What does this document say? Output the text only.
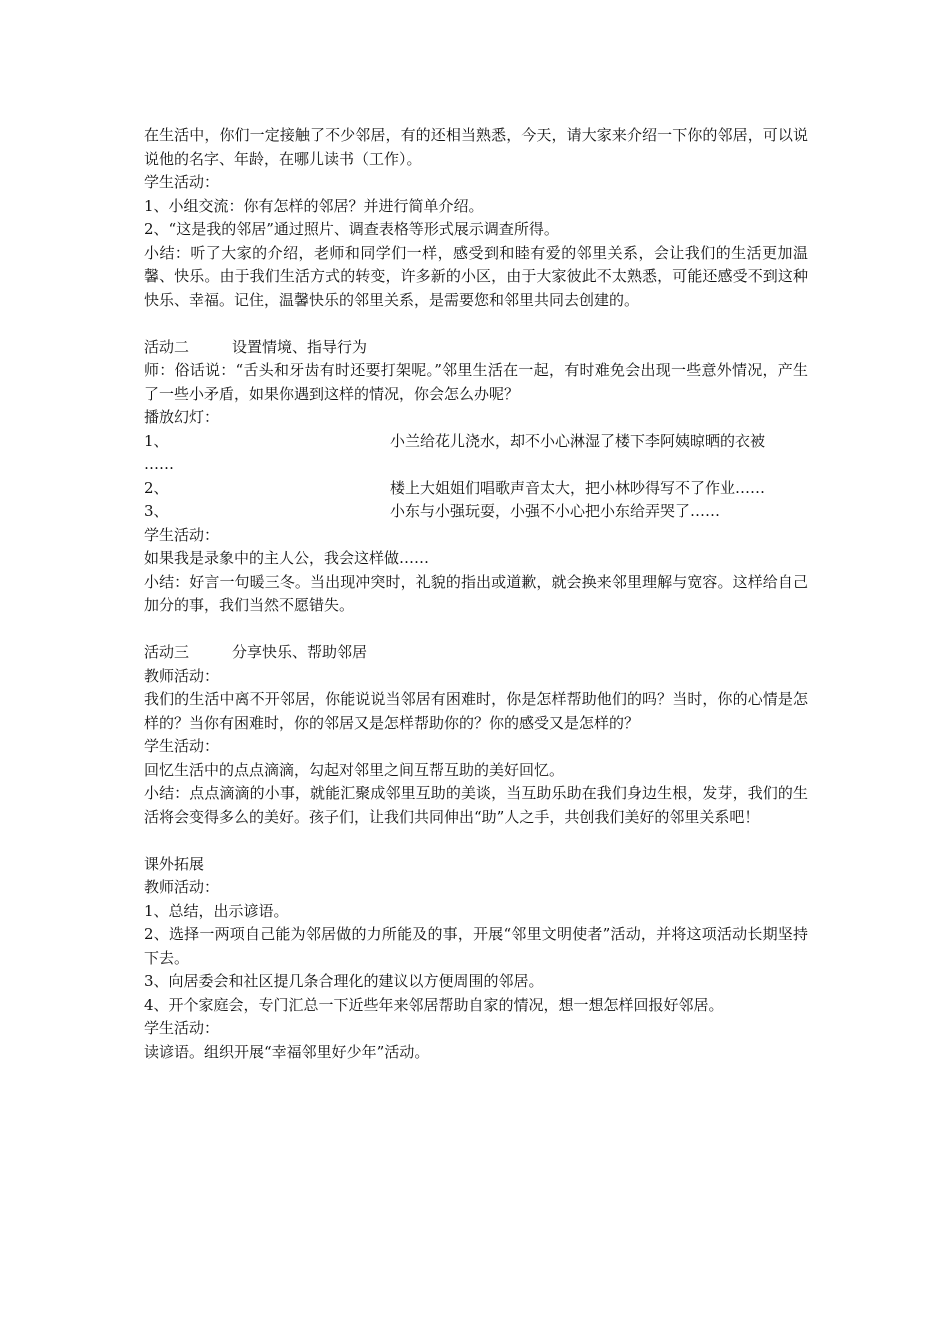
在生活中，你们一定接触了不少邻居，有的还相当熟悉，今天，请大家来介绍一下你的邻居，可以说说他的名字、年龄，在哪儿读书（工作）。

学生活动：

1、小组交流：你有怎样的邻居？并进行简单介绍。

2、“这是我的邻居”通过照片、调查表格等形式展示调查所得。

小结：听了大家的介绍，老师和同学们一样，感受到和睦有爱的邻里关系，会让我们的生活更加温馨、快乐。由于我们生活方式的转变，许多新的小区，由于大家彼此不太熟悉，可能还感受不到这种快乐、幸福。记住，温馨快乐的邻里关系，是需要您和邻里共同去创建的。

活动二	设置情境、指导行为

师：俗话说：“舌头和牙齿有时还要打架呢。”邻里生活在一起，有时难免会出现一些意外情况，产生了一些小矛盾，如果你遇到这样的情况，你会怎么办呢？

播放幻灯：

1、	小兰给花儿浇水，却不小心淋湿了楼下李阿姨晾晒的衣被

……

2、	楼上大姐姐们唱歌声音太大，把小林吵得写不了作业……

3、	小东与小强玩耍，小强不小心把小东给弄哭了……

学生活动：

如果我是录象中的主人公，我会这样做……

小结：好言一句暖三冬。当出现冲突时，礼貌的指出或道歉，就会换来邻里理解与宽容。这样给自己加分的事，我们当然不愿错失。

活动三	分享快乐、帮助邻居

教师活动：

我们的生活中离不开邻居，你能说说当邻居有困难时，你是怎样帮助他们的吗？当时，你的心情是怎样的？当你有困难时，你的邻居又是怎样帮助你的？你的感受又是怎样的？

学生活动：

回忆生活中的点点滴滴，勾起对邻里之间互帮互助的美好回忆。

小结：点点滴滴的小事，就能汇聚成邻里互助的美谈，当互助乐助在我们身边生根，发芽，我们的生活将会变得多么的美好。孩子们，让我们共同伸出“助”人之手，共创我们美好的邻里关系吧！

课外拓展

教师活动：

1、总结，出示谚语。

2、选择一两项自己能为邻居做的力所能及的事，开展“邻里文明使者”活动，并将这项活动长期坚持下去。

3、向居委会和社区提几条合理化的建议以方便周围的邻居。

4、开个家庭会，专门汇总一下近些年来邻居帮助自家的情况，想一想怎样回报好邻居。

学生活动：

读谚语。组织开展“幸福邻里好少年”活动。
